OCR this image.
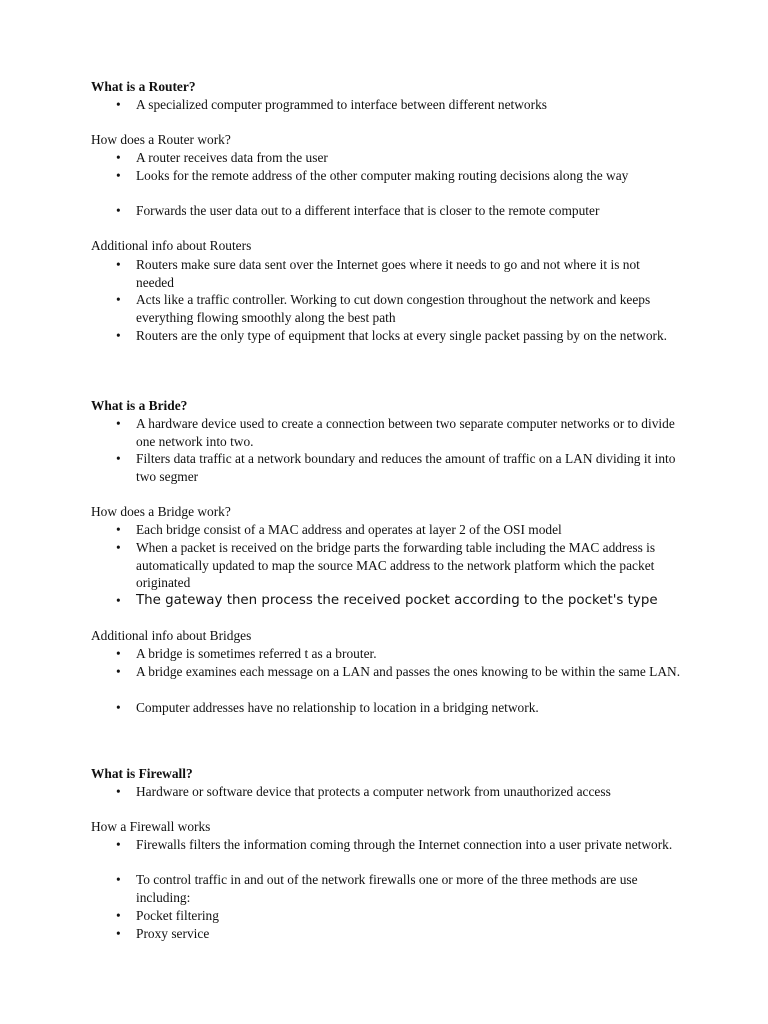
What is a Router?
• A specialized computer programmed to interface between different networks
How does a Router work?
• A router receives data from the user
• Looks for the remote address of the other computer making routing decisions along the way
• Forwards the user data out to a different interface that is closer to the remote computer
Additional info about Routers
• Routers make sure data sent over the Internet goes where it needs to go and not where it is not needed
• Acts like a traffic controller. Working to cut down congestion throughout the network and keeps everything flowing smoothly along the best path
• Routers are the only type of equipment that locks at every single packet passing by on the network.
What is a Bride?
• A hardware device used to create a connection between two separate computer networks or to divide one network into two.
• Filters data traffic at a network boundary and reduces the amount of traffic on a LAN dividing it into two segmer
How does a Bridge work?
• Each bridge consist of a MAC address and operates at layer 2 of the OSI model
• When a packet is received on the bridge parts the forwarding table including the MAC address is automatically updated to map the source MAC address to the network platform which the packet originated
• The gateway then process the received pocket according to the pocket's type
Additional info about Bridges
• A bridge is sometimes referred t as a brouter.
• A bridge examines each message on a LAN and passes the ones knowing to be within the same LAN.
• Computer addresses have no relationship to location in a bridging network.
What is Firewall?
• Hardware or software device that protects a computer network from unauthorized access
How a Firewall works
• Firewalls filters the information coming through the Internet connection into a user private network.
• To control traffic in and out of the network firewalls one or more of the three methods are use including:
• Pocket filtering
• Proxy service
